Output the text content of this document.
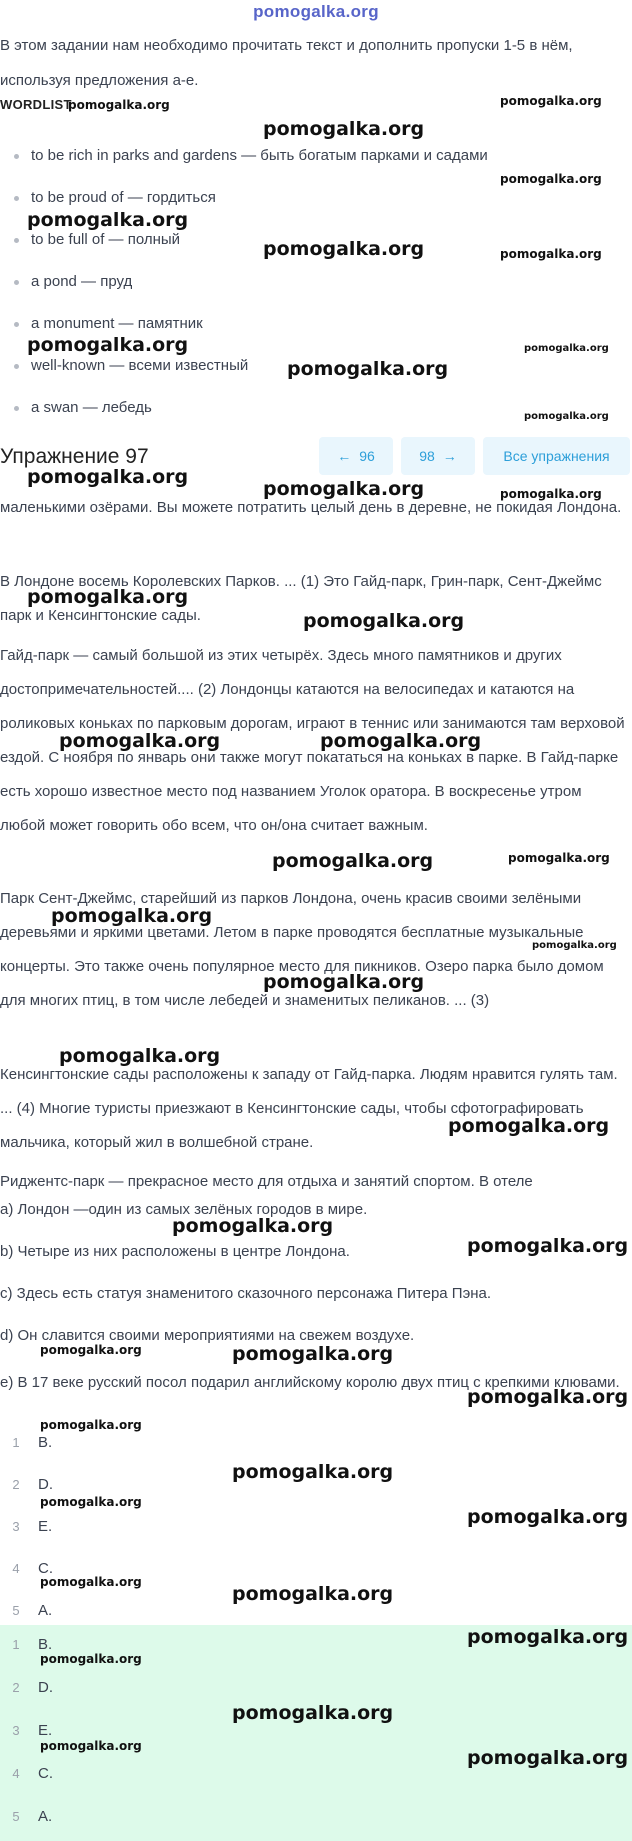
pomogalka.org
В этом задании нам необходимо прочитать текст и дополнить пропуски 1-5 в нём, используя предложения a-e.
WORDLIST
to be rich in parks and gardens — быть богатым парками и садами
to be proud of — гордиться
to be full of — полный
a pond — пруд
a monument — памятник
well-known — всеми известный
a swan — лебедь
Упражнение 97	← 96	98 →	Все упражнения
маленькими озёрами. Вы можете потратить целый день в деревне, не покидая Лондона.
В Лондоне восемь Королевских Парков. ... (1) Это Гайд-парк, Грин-парк, Сент-Джеймс парк и Кенсингтонские сады.
Гайд-парк — самый большой из этих четырёх. Здесь много памятников и других достопримечательностей.... (2) Лондонцы катаются на велосипедах и катаются на роликовых коньках по парковым дорогам, играют в теннис или занимаются там верховой ездой. С ноября по январь они также могут покататься на коньках в парке. В Гайд-парке есть хорошо известное место под названием Уголок оратора. В воскресенье утром любой может говорить обо всем, что он/она считает важным.
Парк Сент-Джеймс, старейший из парков Лондона, очень красив своими зелёными деревьями и яркими цветами. Летом в парке проводятся бесплатные музыкальные концерты. Это также очень популярное место для пикников. Озеро парка было домом для многих птиц, в том числе лебедей и знаменитых пеликанов. ... (3)
Кенсингтонские сады расположены к западу от Гайд-парка. Людям нравится гулять там. ... (4) Многие туристы приезжают в Кенсингтонские сады, чтобы сфотографировать мальчика, который жил в волшебной стране.
Риджентс-парк — прекрасное место для отдыха и занятий спортом. В отеле
а) Лондон —один из самых зелёных городов в мире.
b) Четыре из них расположены в центре Лондона.
c) Здесь есть статуя знаменитого сказочного персонажа Питера Пэна.
d) Он славится своими мероприятиями на свежем воздухе.
e) В 17 веке русский посол подарил английскому королю двух птиц с крепкими клювами.
1 B.
2 D.
3 E.
4 C.
5 A.
1 B.
2 D.
3 E.
4 C.
5 A.
pomogalka.org	pomogalka.org
pomogalka.org
pomogalka.org
pomogalka.org
pomogalka.org	pomogalka.org
pomogalka.org	pomogalka.org
pomogalka.org
pomogalka.org
pomogalka.org
pomogalka.org	pomogalka.org
pomogalka.org
pomogalka.org
pomogalka.org	pomogalka.org
pomogalka.org	pomogalka.org
pomogalka.org
pomogalka.org
pomogalka.org
pomogalka.org
pomogalka.org
pomogalka.org
pomogalka.org
pomogalka.org	pomogalka.org
pomogalka.org
pomogalka.org
pomogalka.org
pomogalka.org
pomogalka.org
pomogalka.org
pomogalka.org
pomogalka.org
pomogalka.org
pomogalka.org
pomogalka.org
pomogalka.org
